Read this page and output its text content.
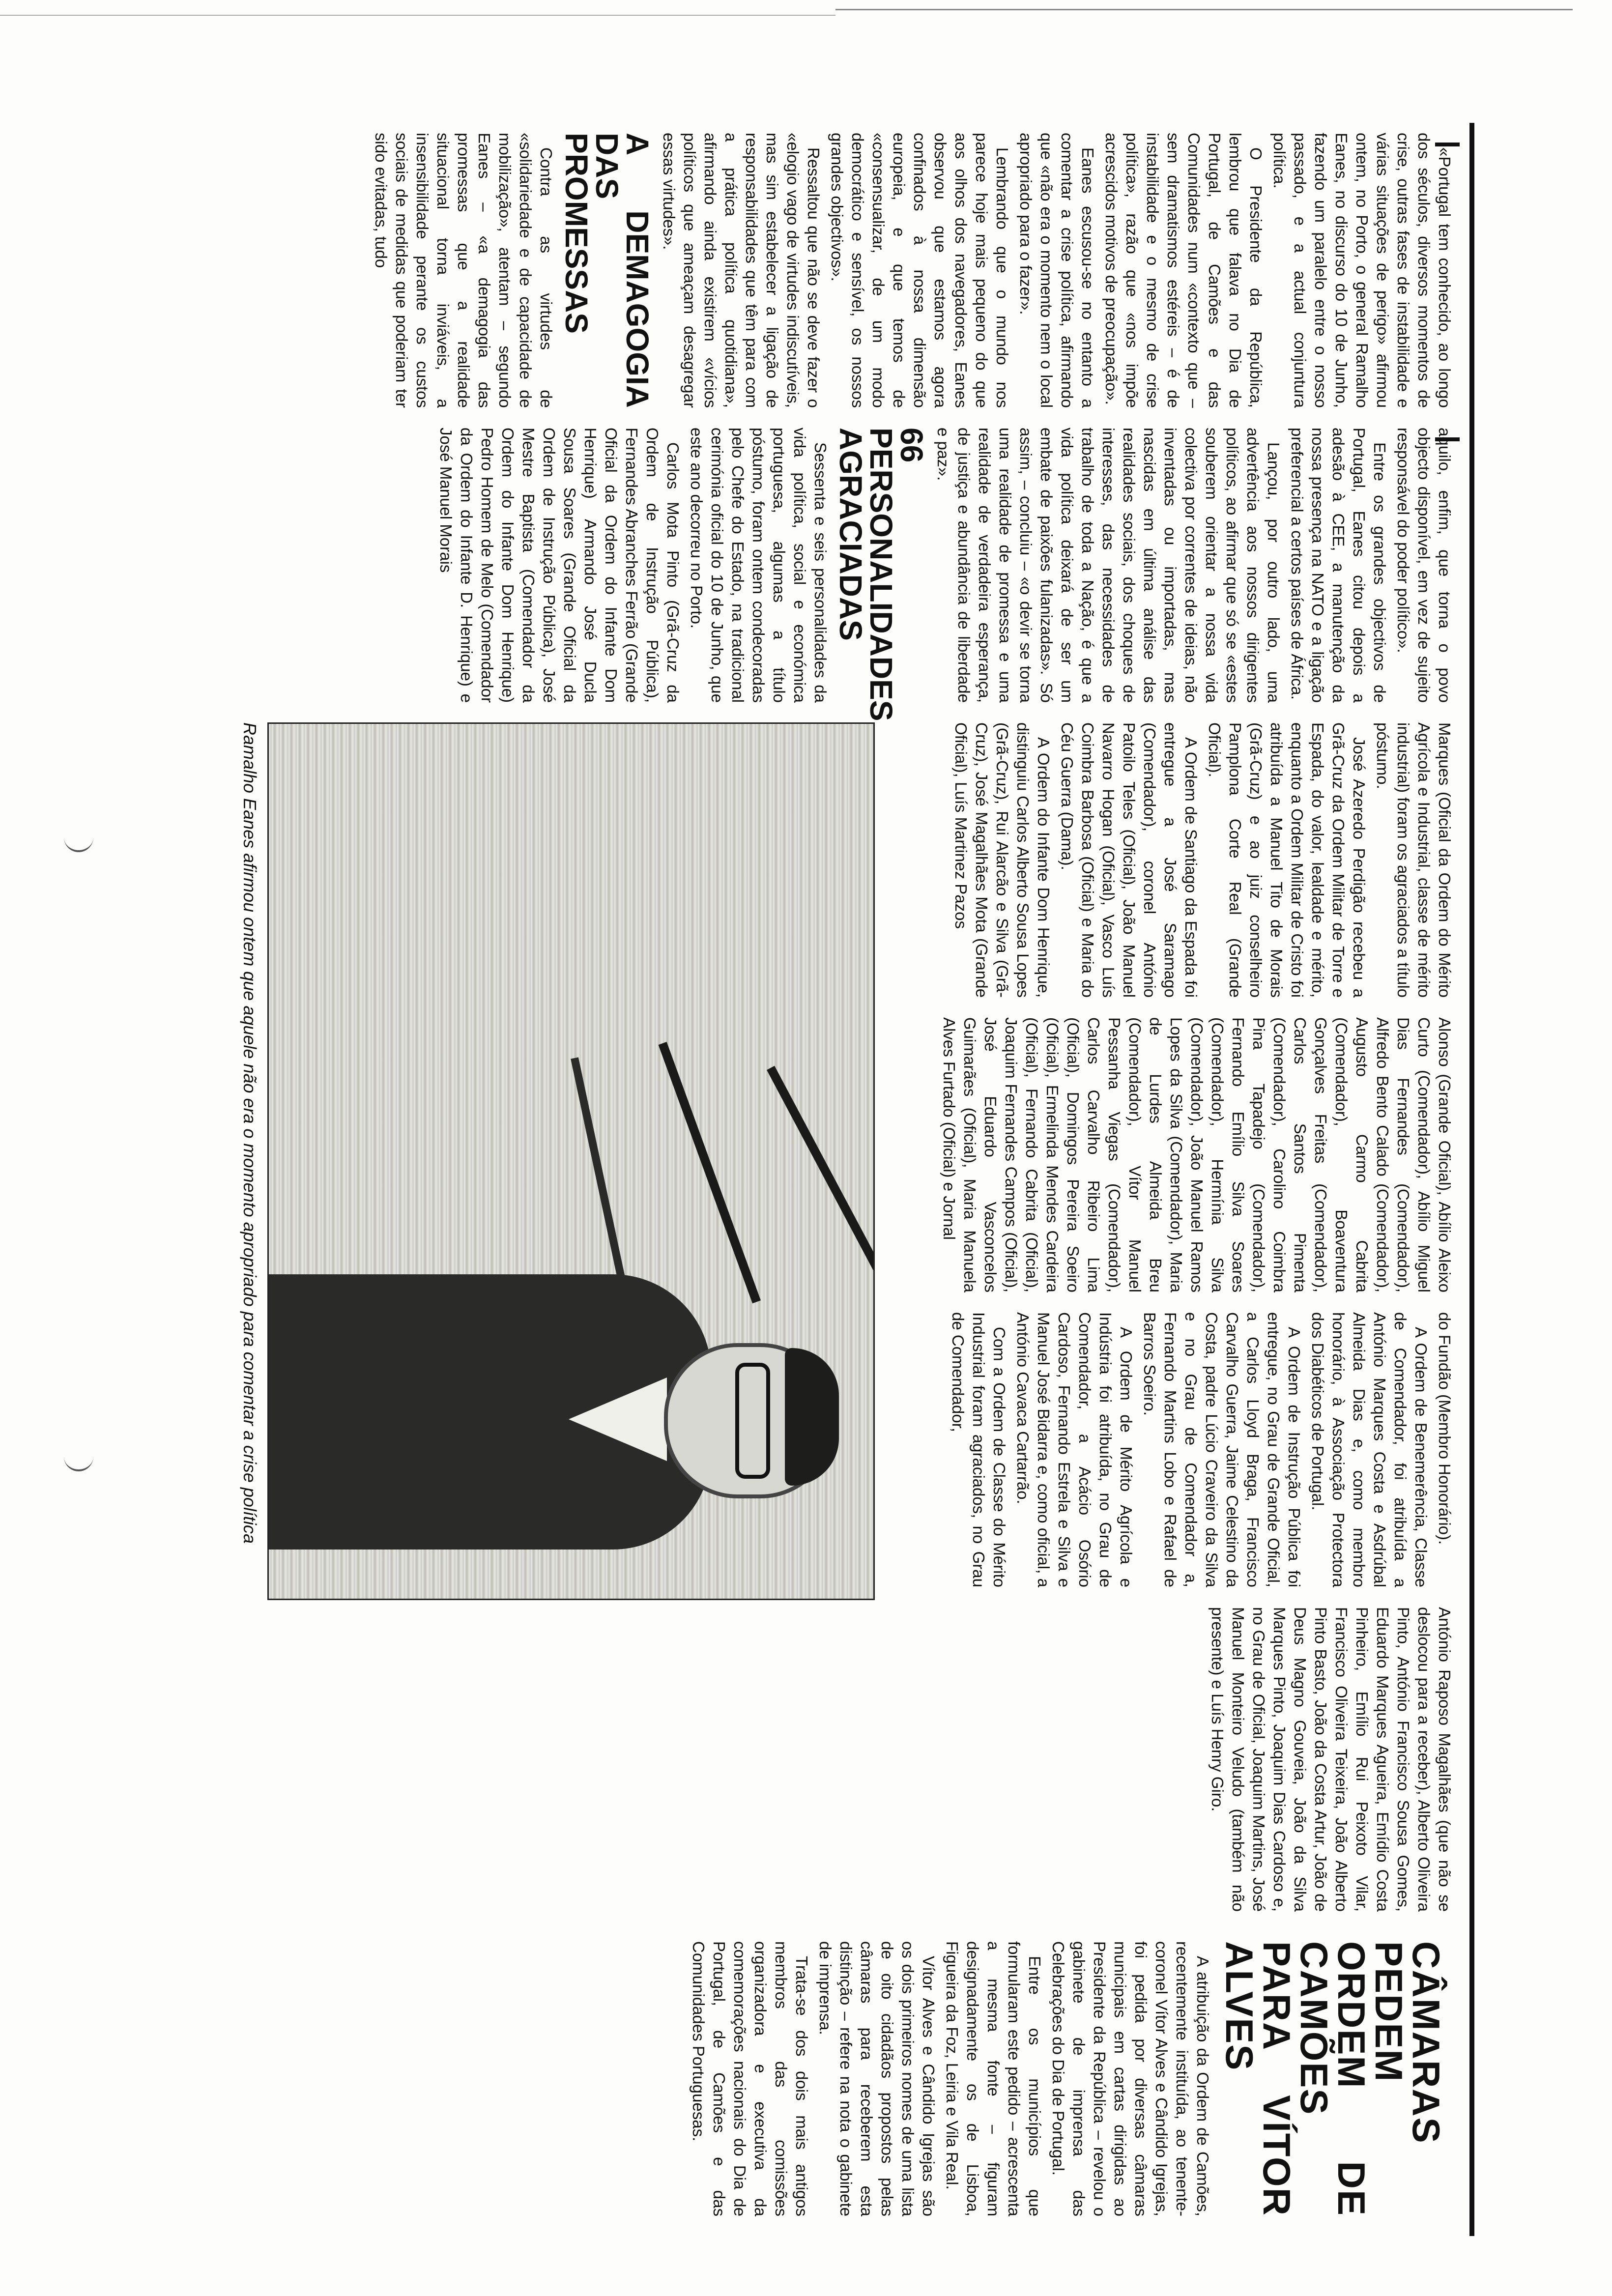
«Portugal tem conhecido, ao longo dos séculos, diversos momentos de crise, outras fases de instabilidade e várias situações de perigo» afirmou ontem, no Porto, o general Ramalho Eanes, no discurso do 10 de Junho, fazendo um paralelo entre o nosso passado, e a actual conjuntura política.

O Presidente da República, lembrou que falava no Dia de Portugal, de Camões e das Comunidades num «contexto que – sem dramatismos estéreis – é de instabilidade e o mesmo de crise política», razão que «nos impõe acrescidos motivos de preocupação».

Eanes escusou-se no entanto a comentar a crise política, afirmando que «não era o momento nem o local apropriado para o fazer».

Lembrando que o mundo nos parece hoje mais pequeno do que aos olhos dos navegadores, Eanes observou que estamos agora confinados à nossa dimensão europeia, e que temos de «consensualizar, de um modo democrático e sensível, os nossos grandes objectivos».

Ressaltou que não se deve fazer o «elogio vago de virtudes indiscutíveis, mas sim estabelecer a ligação de responsabilidades que têm para com a prática política quotidiana», afirmando ainda existirem «vícios políticos que ameaçam desagregar essas virtudes».

A DEMAGOGIA DAS PROMESSAS

Contra as virtudes de «solidariedade e de capacidade de mobilização», atentam – segundo Eanes – «a demagogia das promessas que a realidade situacional torna inviáveis, a insensibilidade perante os custos sociais de medidas que poderiam ter sido evitadas, tudo

aquilo, enfim, que torna o povo objecto disponível, em vez de sujeito responsável do poder político».

Entre os grandes objectivos de Portugal, Eanes citou depois a adesão à CEE, a manutenção da nossa presença na NATO e a ligação preferencial a certos países de África.

Lançou, por outro lado, uma advertência aos nossos dirigentes políticos, ao afirmar que só se «estes souberem orientar a nossa vida colectiva por correntes de ideias, não inventadas ou importadas, mas nascidas em última análise das realidades sociais, dos choques de interesses, das necessidades de trabalho de toda a Nação, é que a vida política deixará de ser um embate de paixões fulanizadas». Só assim, – concluiu – «o devir se torna uma realidade de promessa e uma realidade de verdadeira esperança, de justiça e abundância de liberdade e paz».

66 PERSONALIDADES AGRACIADAS

Sessenta e seis personalidades da vida política, social e económica portuguesa, algumas a título póstumo, foram ontem condecoradas pelo Chefe do Estado, na tradicional cerimónia oficial do 10 de Junho, que este ano decorreu no Porto.

Carlos Mota Pinto (Grã-Cruz da Ordem de Instrução Pública), Fernandes Abranches Ferrão (Grande Oficial da Ordem do Infante Dom Henrique) Armando José Ducla Sousa Soares (Grande Oficial da Ordem de Instrução Pública), José Mestre Baptista (Comendador da Ordem do Infante Dom Henrique) Pedro Homem de Melo (Comendador da Ordem do Infante D. Henrique) e José Manuel Morais

Marques (Oficial da Ordem do Mérito Agrícola e Industrial, classe de mérito industrial) foram os agraciados a título póstumo.

José Azeredo Perdigão recebeu a Grã-Cruz da Ordem Militar de Torre e Espada, do valor, lealdade e mérito, enquanto a Ordem Militar de Cristo foi atribuída a Manuel Tito de Morais (Grã-Cruz) e ao juiz conselheiro Pamplona Corte Real (Grande Oficial).

A Ordem de Santiago da Espada foi entregue a José Saramago (Comendador), coronel António Patoilo Teles (Oficial), João Manuel Navarro Hogan (Oficial), Vasco Luís Coimbra Barbosa (Oficial) e Maria do Céu Guerra (Dama).

A Ordem do Infante Dom Henrique, distinguiu Carlos Alberto Sousa Lopes (Grã-Cruz), Rui Alarcão e Silva (Grã-Cruz), José Magalhães Mota (Grande Oficial), Luís Martinez Pazos

Alonso (Grande Oficial), Abílio Aleixo Curto (Comendador), Abílio Miguel Dias Fernandes (Comendador), Alfredo Bento Calado (Comendador), Augusto Carmo Cabrita (Comendador), Boaventura Gonçalves Freitas (Comendador), Carlos Santos Pimenta (Comendador), Carolino Coimbra Pina Tapadejo (Comendador), Fernando Emílio Silva Soares (Comendador), Hermínia Silva (Comendador), João Manuel Ramos Lopes da Silva (Comendador), Maria de Lurdes Almeida Breu (Comendador), Vítor Manuel Pessanha Viegas (Comendador), Carlos Carvalho Ribeiro Lima (Oficial), Domingos Pereira Soeiro (Oficial), Ermelinda Mendes Cardeira (Oficial), Fernando Cabrita (Oficial), Joaquim Fernandes Campos (Oficial), José Eduardo Vasconcelos Guimarães (Oficial), Maria Manuela Alves Furtado (Oficial) e Jornal

do Fundão (Membro Honorário).

A Ordem de Benemerência, Classe de Comendador, foi atribuída a António Marques Costa e Asdrúbal Almeida Dias e, como membro honorário, à Associação Protectora dos Diabéticos de Portugal.

A Ordem de Instrução Pública foi entregue, no Grau de Grande Oficial, a Carlos Lloyd Braga, Francisco Carvalho Guerra, Jaime Celestino da Costa, padre Lúcio Craveiro da Silva e no Grau de Comendador a, Fernando Martins Lobo e Rafael de Barros Soeiro.

A Ordem de Mérito Agrícola e Indústria foi atribuída, no Grau de Comendador, a Acácio Osório Cardoso, Fernando Estrela e Silva e Manuel José Bidarra e, como oficial, a António Cavaca Cartarrão.

Com a Ordem de Classe do Mérito Industrial foram agraciados, no Grau de Comendador,

António Raposo Magalhães (que não se deslocou para a receber), Alberto Oliveira Pinto, António Francisco Sousa Gomes, Eduardo Marques Agueira, Emídio Costa Pinheiro, Emílio Rui Peixoto Vilar, Francisco Oliveira Teixeira, João Alberto Pinto Basto, João da Costa Artur, João de Deus Magno Gouveia, João da Silva Marques Pinto, Joaquim Dias Cardoso e, no Grau de Oficial, Joaquim Martins, José Manuel Monteiro Veludo (também não presente) e Luís Henry Giro.

CÂMARAS PEDEM ORDEM DE CAMÕES PARA VÍTOR ALVES

A atribuição da Ordem de Camões, recentemente instituída, ao tenente-coronel Vítor Alves e Cândido Igrejas, foi pedida por diversas câmaras municipais em cartas dirigidas ao Presidente da República – revelou o gabinete de imprensa das Celebrações do Dia de Portugal.

Entre os municípios que formularam este pedido – acrescenta a mesma fonte – figuram designadamente os de Lisboa, Figueira da Foz, Leiria e Vila Real.

Vítor Alves e Cândido Igrejas são os dois primeiros nomes de uma lista de oito cidadãos propostos pelas câmaras para receberem esta distinção – refere na nota o gabinete de imprensa.

Trata-se dos dois mais antigos membros das comissões organizadora e executiva da comemorações nacionais do Dia de Portugal, de Camões e das Comunidades Portuguesas.

Ramalho Eanes afirmou ontem que aquele não era o momento apropriado para comentar a crise política
